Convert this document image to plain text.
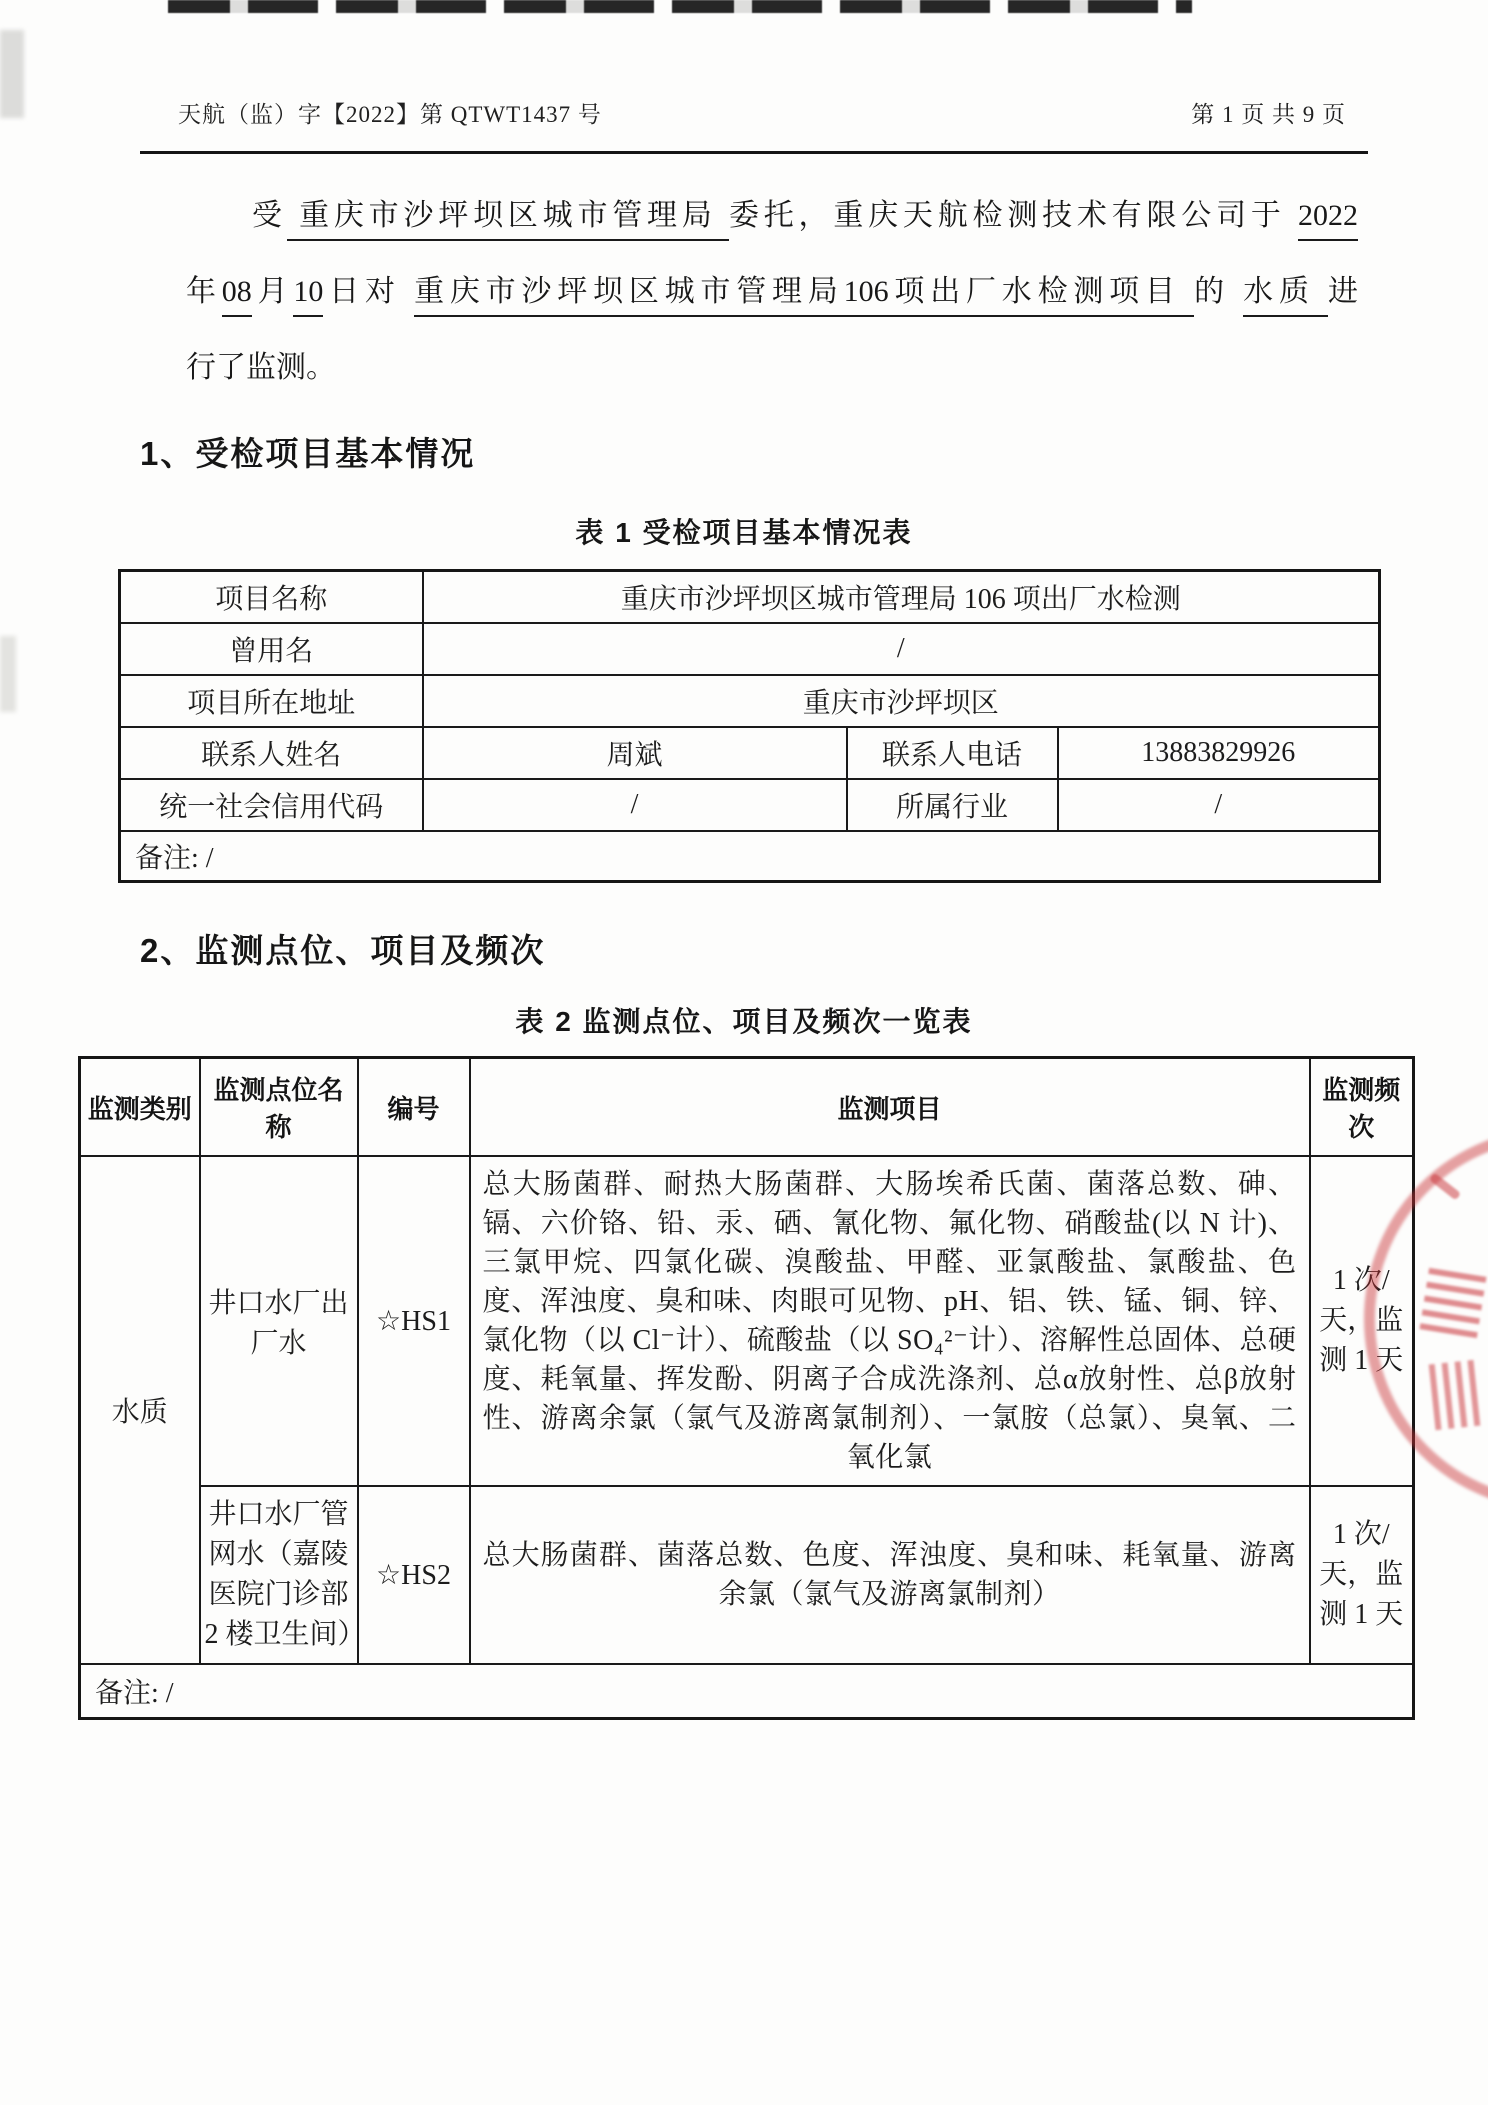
天航（监）字【2022】第 QTWT1437 号	第 1 页 共 9 页
受 重庆市沙坪坝区城市管理局 委托，重庆天航检测技术有限公司于 2022
年08月10日对 重庆市沙坪坝区城市管理局106项出厂水检测项目 的 水质 进
行了监测。
1、受检项目基本情况
表 1 受检项目基本情况表
项目名称	重庆市沙坪坝区城市管理局 106 项出厂水检测		
曾用名	/		
项目所在地址	重庆市沙坪坝区		
联系人姓名	周斌	联系人电话	13883829926
统一社会信用代码	/	所属行业	/
备注: /			
2、监测点位、项目及频次
表 2 监测点位、项目及频次一览表
监测类别	监测点位名称	编号	监测项目	监测频次
水质	井口水厂出厂水	☆HS1	总大肠菌群、耐热大肠菌群、大肠埃希氏菌、菌落总数、砷、镉、六价铬、铅、汞、硒、氰化物、氟化物、硝酸盐(以 N 计)、三氯甲烷、四氯化碳、溴酸盐、甲醛、亚氯酸盐、氯酸盐、色度、浑浊度、臭和味、肉眼可见物、pH、铝、铁、锰、铜、锌、氯化物（以 Cl⁻计）、硫酸盐（以 SO₄²⁻计）、溶解性总固体、总硬度、耗氧量、挥发酚、阴离子合成洗涤剂、总α放射性、总β放射性、游离余氯（氯气及游离氯制剂）、一氯胺（总氯）、臭氧、二氧化氯	1 次/天，监测 1 天
	井口水厂管网水（嘉陵医院门诊部 2 楼卫生间）	☆HS2	总大肠菌群、菌落总数、色度、浑浊度、臭和味、耗氧量、游离余氯（氯气及游离氯制剂）	1 次/天，监测 1 天
备注: /				
